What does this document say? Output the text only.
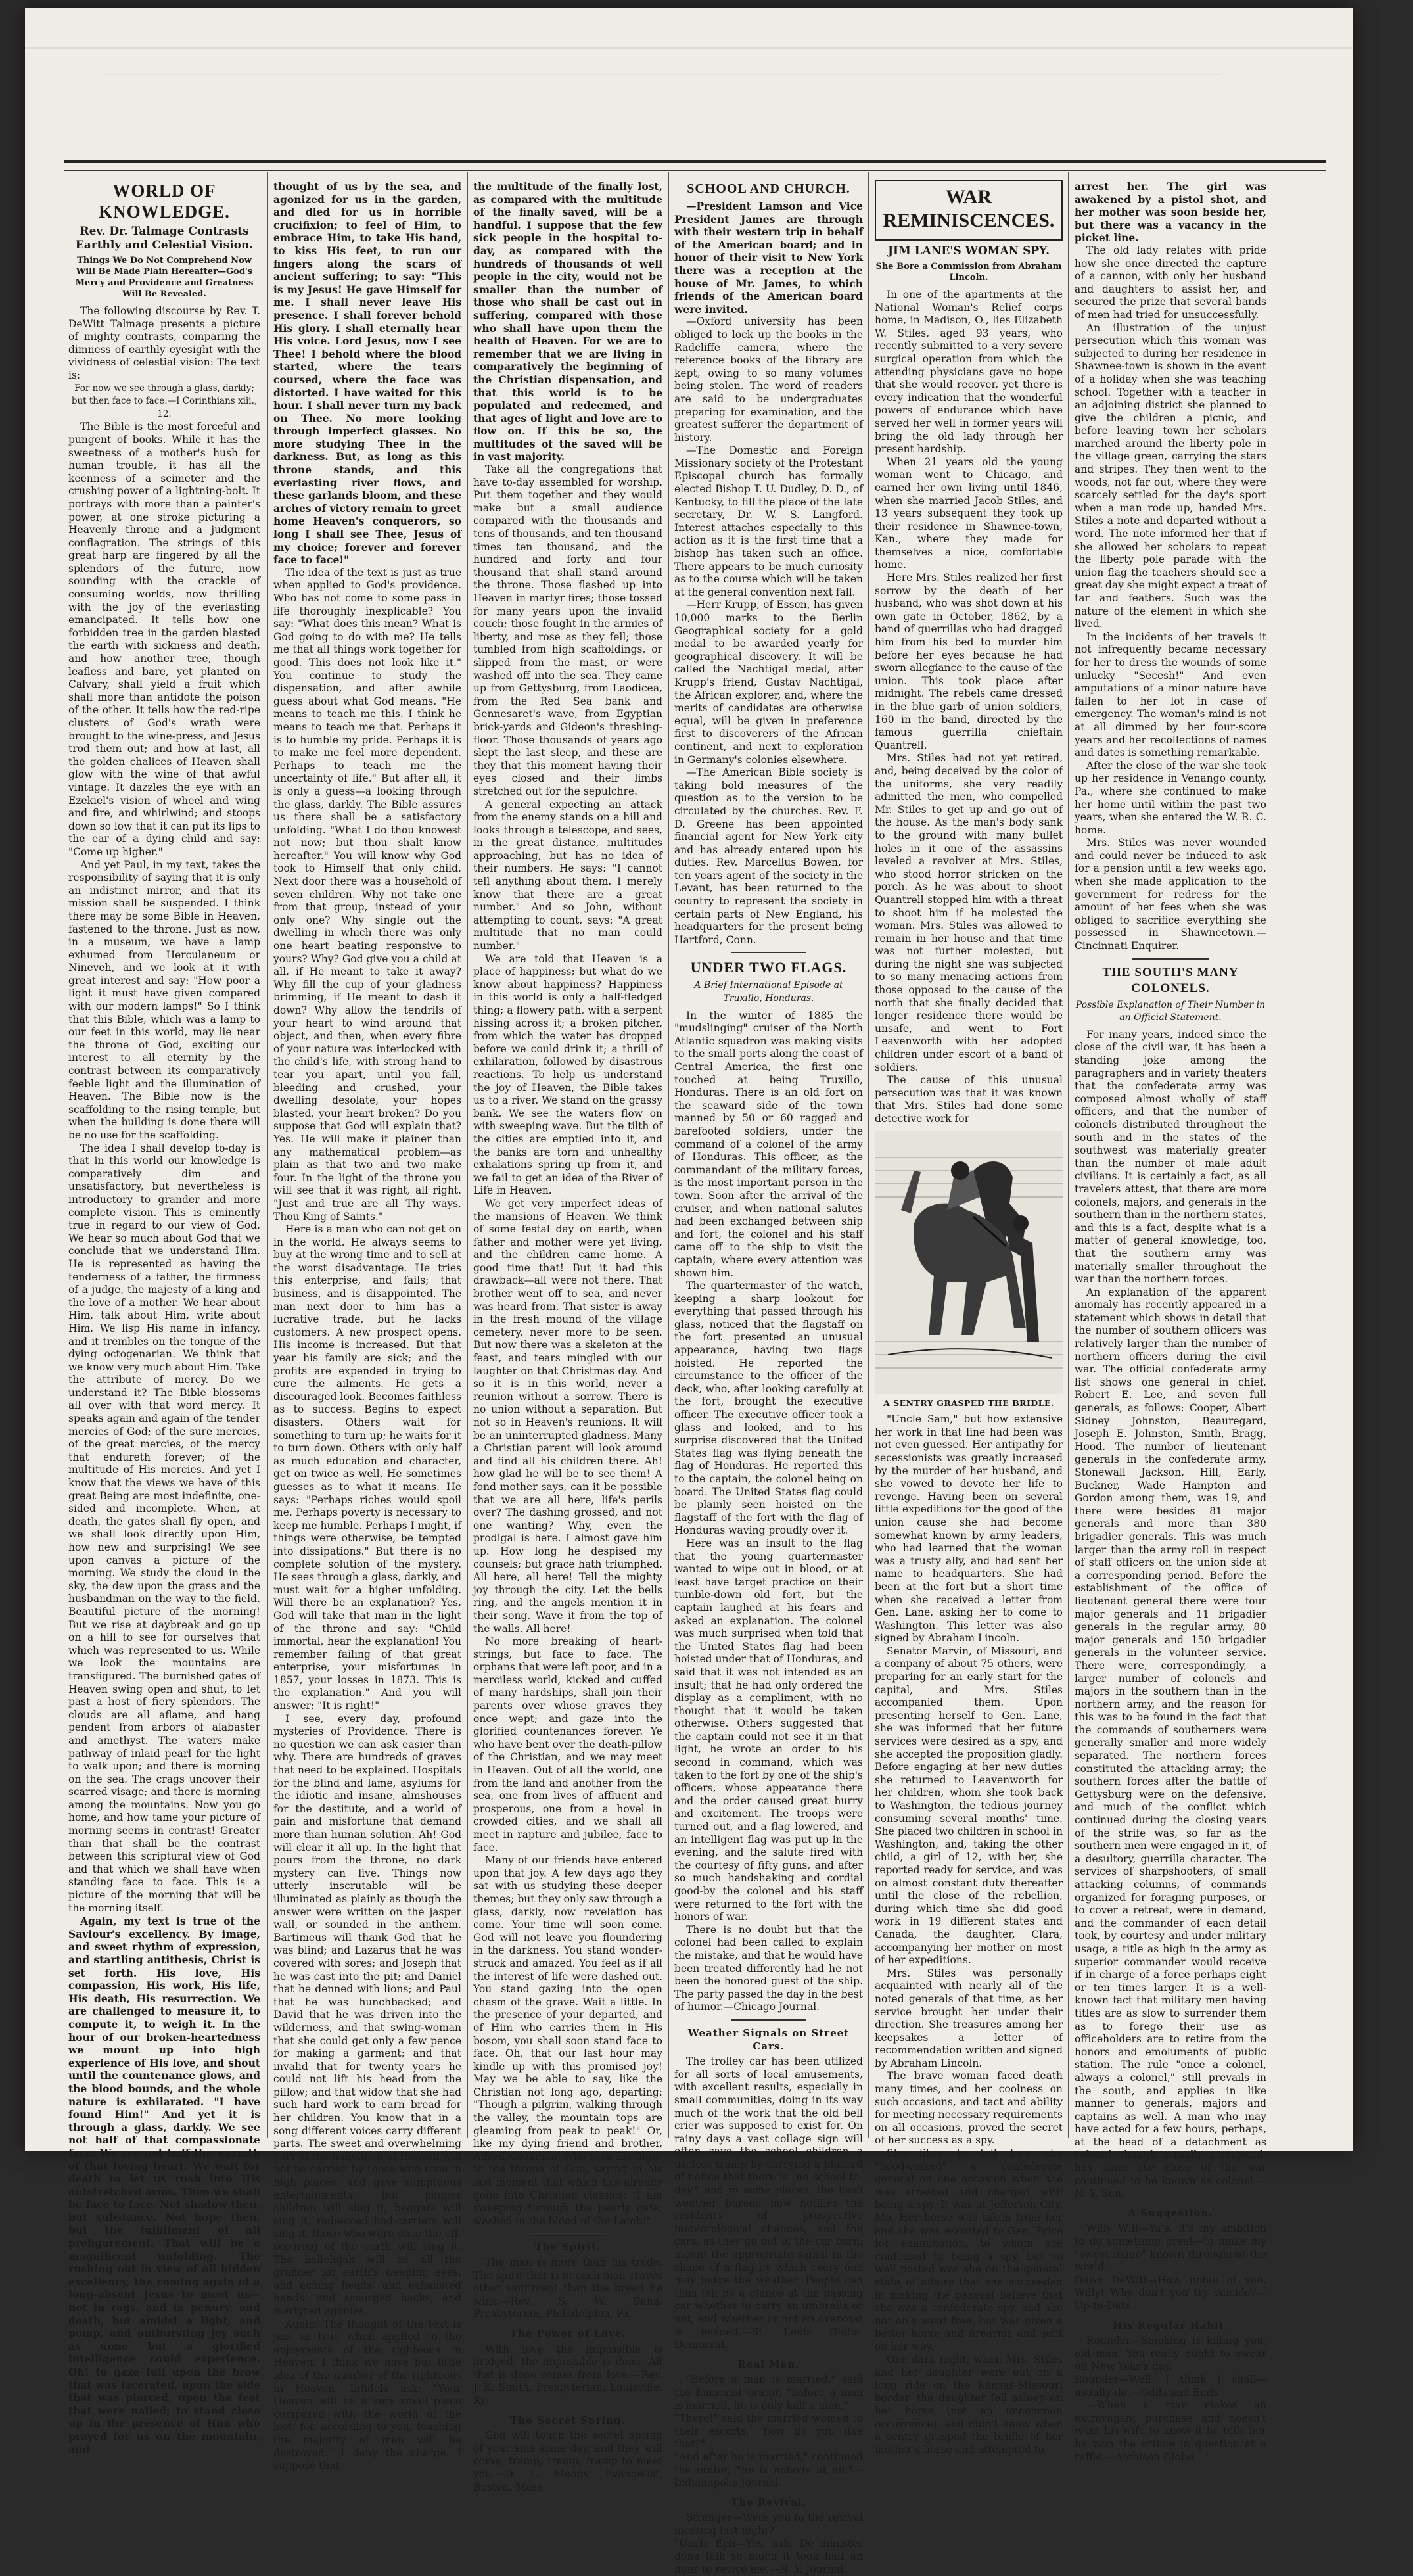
WORLD OF KNOWLEDGE.
Rev. Dr. Talmage Contrasts Earthly and Celestial Vision.
Things We Do Not Comprehend Now Will Be Made Plain Hereafter—God's Mercy and Providence and Greatness Will Be Revealed.

The following discourse by Rev. T. DeWitt Talmage presents a picture of mighty contrasts, comparing the dimness of earthly eyesight with the vividness of celestial vision: The text is:

For now we see through a glass, darkly; but then face to face.—I Corinthians xiii., 12.

The Bible is the most forceful and pungent of books. While it has the sweetness of a mother's hush for human trouble, it has all the keenness of a scimeter and the crushing power of a lightning-bolt. It portrays with more than a painter's power, at one stroke picturing a Heavenly throne and a judgment conflagration. The strings of this great harp are fingered by all the splendors of the future, now sounding with the crackle of consuming worlds, now thrilling with the joy of the everlasting emancipated. It tells how one forbidden tree in the garden blasted the earth with sickness and death, and how another tree, though leafless and bare, yet planted on Calvary, shall yield a fruit which shall more than antidote the poison of the other. It tells how the red-ripe clusters of God's wrath were brought to the wine-press, and Jesus trod them out; and how at last, all the golden chalices of Heaven shall glow with the wine of that awful vintage. It dazzles the eye with an Ezekiel's vision of wheel and wing and fire, and whirlwind; and stoops down so low that it can put its lips to the ear of a dying child and say: "Come up higher."

And yet Paul, in my text, takes the responsibility of saying that it is only an indistinct mirror, and that its mission shall be suspended. I think there may be some Bible in Heaven, fastened to the throne. Just as now, in a museum, we have a lamp exhumed from Herculaneum or Nineveh, and we look at it with great interest and say: "How poor a light it must have given compared with our modern lamps!" So I think that this Bible, which was a lamp to our feet in this world, may lie near the throne of God, exciting our interest to all eternity by the contrast between its comparatively feeble light and the illumination of Heaven. The Bible now is the scaffolding to the rising temple, but when the building is done there will be no use for the scaffolding.

The idea I shall develop to-day is that in this world our knowledge is comparatively dim and unsatisfactory, but nevertheless is introductory to grander and more complete vision. This is eminently true in regard to our view of God. We hear so much about God that we conclude that we understand Him. He is represented as having the tenderness of a father, the firmness of a judge, the majesty of a king and the love of a mother. We hear about Him, talk about Him, write about Him. We lisp His name in infancy, and it trembles on the tongue of the dying octogenarian. We think that we know very much about Him. Take the attribute of mercy. Do we understand it? The Bible blossoms all over with that word mercy. It speaks again and again of the tender mercies of God; of the sure mercies, of the great mercies, of the mercy that endureth forever; of the multitude of His mercies. And yet I know that the views we have of this great Being are most indefinite, one-sided and incomplete. When, at death, the gates shall fly open, and we shall look directly upon Him, how new and surprising! We see upon canvas a picture of the morning. We study the cloud in the sky, the dew upon the grass and the husbandman on the way to the field. Beautiful picture of the morning! But we rise at daybreak and go up on a hill to see for ourselves that which was represented to us. While we look the mountains are transfigured. The burnished gates of Heaven swing open and shut, to let past a host of fiery splendors. The clouds are all aflame, and hang pendent from arbors of alabaster and amethyst. The waters make pathway of inlaid pearl for the light to walk upon; and there is morning on the sea. The crags uncover their scarred visage; and there is morning among the mountains. Now you go home, and how tame your picture of morning seems in contrast! Greater than that shall be the contrast between this scriptural view of God and that which we shall have when standing face to face. This is a picture of the morning that will be the morning itself.

Again, my text is true of the Saviour's excellency. By image, and sweet rhythm of expression, and startling antithesis, Christ is set forth. His love, His compassion, His work, His life, His death, His resurrection. We are challenged to measure it, to compute it, to weigh it. In the hour of our broken-heartedness we mount up into high experience of His love, and shout until the countenance glows, and the blood bounds, and the whole nature is exhilarated. "I have found Him!" And yet it is through a glass, darkly. We see not half of that compassionate face. We see not half the warmth of that loving heart. We wait for death to let us rush into His outstretched arms. Then we shall be face to face. Not shadow then, but substance. Not hope then, but the fulfillment of all prefigurement. That will be a magnificent unfolding. The rushing out in view of all hidden excellency, the coming again of a long-absent Jesus to meet us—not in rags, and in penury, and death, but amidst a light, and pomp, and outbursting joy such as none but a glorified intelligence could experience. Oh! to gaze full upon the brow that was lacerated, upon the side that was pierced, upon the feet that were nailed; to stand close up in the presence of Him who prayed for us on the mountain, and

thought of us by the sea, and agonized for us in the garden, and died for us in horrible crucifixion; to feel of Him, to embrace Him, to take His hand, to kiss His feet, to run our fingers along the scars of ancient suffering; to say: "This is my Jesus! He gave Himself for me. I shall never leave His presence. I shall forever behold His glory. I shall eternally hear His voice. Lord Jesus, now I see Thee! I behold where the blood started, where the tears coursed, where the face was distorted. I have waited for this hour. I shall never turn my back on Thee. No more looking through imperfect glasses. No more studying Thee in the darkness. But, as long as this throne stands, and this everlasting river flows, and these garlands bloom, and these arches of victory remain to greet home Heaven's conquerors, so long I shall see Thee, Jesus of my choice; forever and forever face to face!"

The idea of the text is just as true when applied to God's providence. Who has not come to some pass in life thoroughly inexplicable? You say: "What does this mean? What is God going to do with me? He tells me that all things work together for good. This does not look like it." You continue to study the dispensation, and after awhile guess about what God means. "He means to teach me this. I think he means to teach me that. Perhaps it is to humble my pride. Perhaps it is to make me feel more dependent. Perhaps to teach me the uncertainty of life." But after all, it is only a guess—a looking through the glass, darkly. The Bible assures us there shall be a satisfactory unfolding. "What I do thou knowest not now; but thou shalt know hereafter." You will know why God took to Himself that only child. Next door there was a household of seven children. Why not take one from that group, instead of your only one? Why single out the dwelling in which there was only one heart beating responsive to yours? Why? God give you a child at all, if He meant to take it away? Why fill the cup of your gladness brimming, if He meant to dash it down? Why allow the tendrils of your heart to wind around that object, and then, when every fibre of your nature was interlocked with the child's life, with strong hand to tear you apart, until you fall, bleeding and crushed, your dwelling desolate, your hopes blasted, your heart broken? Do you suppose that God will explain that? Yes. He will make it plainer than any mathematical problem—as plain as that two and two make four. In the light of the throne you will see that it was right, all right. "Just and true are all Thy ways, Thou King of Saints."

Here is a man who can not get on in the world. He always seems to buy at the wrong time and to sell at the worst disadvantage. He tries this enterprise, and fails; that business, and is disappointed. The man next door to him has a lucrative trade, but he lacks customers. A new prospect opens. His income is increased. But that year his family are sick; and the profits are expended in trying to cure the ailments. He gets a discouraged look. Becomes faithless as to success. Begins to expect disasters. Others wait for something to turn up; he waits for it to turn down. Others with only half as much education and character, get on twice as well. He sometimes guesses as to what it means. He says: "Perhaps riches would spoil me. Perhaps poverty is necessary to keep me humble. Perhaps I might, if things were otherwise, be tempted into dissipations." But there is no complete solution of the mystery. He sees through a glass, darkly, and must wait for a higher unfolding. Will there be an explanation? Yes, God will take that man in the light of the throne and say: "Child immortal, hear the explanation! You remember failing of that great enterprise, your misfortunes in 1857, your losses in 1873. This is the explanation." And you will answer: "It is right!"

I see, every day, profound mysteries of Providence. There is no question we can ask easier than why. There are hundreds of graves that need to be explained. Hospitals for the blind and lame, asylums for the idiotic and insane, almshouses for the destitute, and a world of pain and misfortune that demand more than human solution. Ah! God will clear it all up. In the light that pours from the throne, no dark mystery can live. Things now utterly inscrutable will be illuminated as plainly as though the answer were written on the jasper wall, or sounded in the anthem. Bartimeus will thank God that he was blind; and Lazarus that he was covered with sores; and Joseph that he was cast into the pit; and Daniel that he denned with lions; and Paul that he was hunchbacked; and David that he was driven into the wilderness, and that swing-woman that she could get only a few pence for making a garment; and that invalid that for twenty years he could not lift his head from the pillow; and that widow that she had such hard work to earn bread for her children. You know that in a song different voices carry different parts. The sweet and overwhelming part of the hallelujah of Heaven will not be carried by those who rode in high places, and gave sumptuous entertainments, but pauper children will sing it, beggars will sing it, redeemed hod-carriers will sing it, those who were once the off-scouring of the earth will sing it. The hallelujah will be all the grander for earth's weeping eyes, and aching heads, and exhausted hands, and scourged backs, and martyred agonies.

Again: The thought of the text is just as true when applied to the enjoyments of the righteous in Heaven. I think we have but little idea of the number of the righteous in Heaven. Infidels ask: "Your Heaven will be a very small place compared with the world of the lost; for, according to you, teaching the majority of men will be destroyed." I deny the charge. I suppose that

the multitude of the finally lost, as compared with the multitude of the finally saved, will be a handful. I suppose that the few sick people in the hospital to-day, as compared with the hundreds of thousands of well people in the city, would not be smaller than the number of those who shall be cast out in suffering, compared with those who shall have upon them the health of Heaven. For we are to remember that we are living in comparatively the beginning of the Christian dispensation, and that this world is to be populated and redeemed, and that ages of light and love are to flow on. If this be so, the multitudes of the saved will be in vast majority.

Take all the congregations that have to-day assembled for worship. Put them together and they would make but a small audience compared with the thousands and tens of thousands, and ten thousand times ten thousand, and the hundred and forty and four thousand that shall stand around the throne. Those flashed up into Heaven in martyr fires; those tossed for many years upon the invalid couch; those fought in the armies of liberty, and rose as they fell; those tumbled from high scaffoldings, or slipped from the mast, or were washed off into the sea. They came up from Gettysburg, from Laodicea, from the Red Sea bank and Gennesaret's wave, from Egyptian brick-yards and Gideon's threshing-floor. Those thousands of years ago slept the last sleep, and these are they that this moment having their eyes closed and their limbs stretched out for the sepulchre.

A general expecting an attack from the enemy stands on a hill and looks through a telescope, and sees, in the great distance, multitudes approaching, but has no idea of their numbers. He says: "I cannot tell anything about them. I merely know that there are a great number." And so John, without attempting to count, says: "A great multitude that no man could number."

We are told that Heaven is a place of happiness; but what do we know about happiness? Happiness in this world is only a half-fledged thing; a flowery path, with a serpent hissing across it; a broken pitcher, from which the water has dropped before we could drink it; a thrill of exhilaration, followed by disastrous reactions. To help us understand the joy of Heaven, the Bible takes us to a river. We stand on the grassy bank. We see the waters flow on with sweeping wave. But the tilth of the cities are emptied into it, and the banks are torn and unhealthy exhalations spring up from it, and we fail to get an idea of the River of Life in Heaven.

We get very imperfect ideas of the mansions of Heaven. We think of some festal day on earth, when father and mother were yet living, and the children came home. A good time that! But it had this drawback—all were not there. That brother went off to sea, and never was heard from. That sister is away in the fresh mound of the village cemetery, never more to be seen. But now there was a skeleton at the feast, and tears mingled with our laughter on that Christmas day. And so it is in this world, never a reunion without a sorrow. There is no union without a separation. But not so in Heaven's reunions. It will be an uninterrupted gladness. Many a Christian parent will look around and find all his children there. Ah! how glad he will be to see them! A fond mother says, can it be possible that we are all here, life's perils over? The dashing grossed, and not one wanting? Why, even the prodigal is here. I almost gave him up. How long he despised my counsels; but grace hath triumphed. All here, all here! Tell the mighty joy through the city. Let the bells ring, and the angels mention it in their song. Wave it from the top of the walls. All here!

No more breaking of heart-strings, but face to face. The orphans that were left poor, and in a merciless world, kicked and cuffed of many hardships, shall join their parents over whose graves they once wept; and gaze into the glorified countenances forever. Ye who have bent over the death-pillow of the Christian, and we may meet in Heaven. Out of all the world, one from the land and another from the sea, one from lives of affluent and prosperous, one from a hovel in crowded cities, and we shall all meet in rapture and jubilee, face to face.

Many of our friends have entered upon that joy. A few days ago they sat with us studying these deeper themes; but they only saw through a glass, darkly, now revelation has come. Your time will soon come. God will not leave you floundering in the darkness. You stand wonder-struck and amazed. You feel as if all the interest of life were dashed out. You stand gazing into the open chasm of the grave. Wait a little. In the presence of your departed, and of Him who carries them in His bosom, you shall soon stand face to face. Oh, that our last hour may kindle up with this promised joy! May we be able to say, like the Christian not long ago, departing: "Though a pilgrim, walking through the valley, the mountain tops are gleaming from peak to peak!" Or, like my dying friend and brother, Alfred Cookman, who took his flight to the throne of God, saying in his last moment that which has already gone into Christian classics: "I am sweeping through the pearly gate, washed in the blood of the Lamb!"

The Spirit.

The man is more than his trade. The spirit that is in each man craves other sentiment than the bread he wins.—Rev. S. W. Dana, Presbyterian, Philadelphia, Pa.

The Power of Love.

With love the impossible is bridged, the impossible is done. All that is done comes from love.—Rev. J. K. Smith, Presbyterian, Louisville, Ky.

The Secret Spring.

God will touch the secret spring of your sins some day, and they will come, tramp, tramp, tramp to meet you.—D. L. Moody, Evangelist, Boston, Mass.

SCHOOL AND CHURCH.

—President Lamson and Vice President James are through with their western trip in behalf of the American board; and in honor of their visit to New York there was a reception at the house of Mr. James, to which friends of the American board were invited.

—Oxford university has been obliged to lock up the books in the Radcliffe camera, where the reference books of the library are kept, owing to so many volumes being stolen. The word of readers are said to be undergraduates preparing for examination, and the greatest sufferer the department of history.

—The Domestic and Foreign Missionary society of the Protestant Episcopal church has formally elected Bishop T. U. Dudley, D. D., of Kentucky, to fill the place of the late secretary, Dr. W. S. Langford. Interest attaches especially to this action as it is the first time that a bishop has taken such an office. There appears to be much curiosity as to the course which will be taken at the general convention next fall.

—Herr Krupp, of Essen, has given 10,000 marks to the Berlin Geographical society for a gold medal to be awarded yearly for geographical discovery. It will be called the Nachtigal medal, after Krupp's friend, Gustav Nachtigal, the African explorer, and, where the merits of candidates are otherwise equal, will be given in preference first to discoverers of the African continent, and next to exploration in Germany's colonies elsewhere.

—The American Bible society is taking bold measures of the question as to the version to be circulated by the churches. Rev. F. D. Greene has been appointed financial agent for New York city and has already entered upon his duties. Rev. Marcellus Bowen, for ten years agent of the society in the Levant, has been returned to the country to represent the society in certain parts of New England, his headquarters for the present being Hartford, Conn.

UNDER TWO FLAGS.
A Brief International Episode at Truxillo, Honduras.

In the winter of 1885 the "mudslinging" cruiser of the North Atlantic squadron was making visits to the small ports along the coast of Central America, the first one touched at being Truxillo, Honduras. There is an old fort on the seaward side of the town manned by 50 or 60 ragged and barefooted soldiers, under the command of a colonel of the army of Honduras. This officer, as the commandant of the military forces, is the most important person in the town. Soon after the arrival of the cruiser, and when national salutes had been exchanged between ship and fort, the colonel and his staff came off to the ship to visit the captain, where every attention was shown him.

The quartermaster of the watch, keeping a sharp lookout for everything that passed through his glass, noticed that the flagstaff on the fort presented an unusual appearance, having two flags hoisted. He reported the circumstance to the officer of the deck, who, after looking carefully at the fort, brought the executive officer. The executive officer took a glass and looked, and to his surprise discovered that the United States flag was flying beneath the flag of Honduras. He reported this to the captain, the colonel being on board. The United States flag could be plainly seen hoisted on the flagstaff of the fort with the flag of Honduras waving proudly over it.

Here was an insult to the flag that the young quartermaster wanted to wipe out in blood, or at least have target practice on their tumble-down old fort, but the captain laughed at his fears and asked an explanation. The colonel was much surprised when told that the United States flag had been hoisted under that of Honduras, and said that it was not intended as an insult; that he had only ordered the display as a compliment, with no thought that it would be taken otherwise. Others suggested that the captain could not see it in that light, he wrote an order to his second in command, which was taken to the fort by one of the ship's officers, whose appearance there and the order caused great hurry and excitement. The troops were turned out, and a flag lowered, and an intelligent flag was put up in the evening, and the salute fired with the courtesy of fifty guns, and after so much handshaking and cordial good-by the colonel and his staff were returned to the fort with the honors of war.

There is no doubt but that the colonel had been called to explain the mistake, and that he would have been treated differently had he not been the honored guest of the ship. The party passed the day in the best of humor.—Chicago Journal.

Weather Signals on Street Cars.

The trolley car has been utilized for all sorts of local amusements, with excellent results, especially in small communities, doing in its way much of the work that the old bell crier was supposed to exist for. On rainy days a vast collage sign will often save the school children a useless tramp by carrying a placard of notice that there is "no school to-day," and in some places, the local weather bureau now notifies the residents of prospective meteorological changes, and the cars, as they go out of the car barn, mount the appropriate signal in the shape of a flag by which every one may judge the weather. People can thus tell by a glance at the passing car whether to carry an umbrella or not, and whether or not an overcoat is needed.—St. Louis Globe-Democrat.

Real Men.

"Before a man is married," said the humorist orator, "before a man is married, he is only half a man."
"There!" said the married women to their escorts, "how do you like that?"
"And after he is married," continued the orator, "he is nobody at all."—Indianapolis Journal.

The Revival.

Stranger—Were you to the revival meeting last night?
"Uncle Eph—Yes, sah. De minister done talk so much it took half an hour to revive me.—N. Y. Journal.

WAR REMINISCENCES.
JIM LANE'S WOMAN SPY.
She Bore a Commission from Abraham Lincoln.

In one of the apartments at the National Woman's Relief corps home, in Madison, O., lies Elizabeth W. Stiles, aged 93 years, who recently submitted to a very severe surgical operation from which the attending physicians gave no hope that she would recover, yet there is every indication that the wonderful powers of endurance which have served her well in former years will bring the old lady through her present hardship.

When 21 years old the young woman went to Chicago, and earned her own living until 1846, when she married Jacob Stiles, and 13 years subsequent they took up their residence in Shawnee-town, Kan., where they made for themselves a nice, comfortable home.

Here Mrs. Stiles realized her first sorrow by the death of her husband, who was shot down at his own gate in October, 1862, by a band of guerrillas who had dragged him from his bed to murder him before her eyes because he had sworn allegiance to the cause of the union. This took place after midnight. The rebels came dressed in the blue garb of union soldiers, 160 in the band, directed by the famous guerrilla chieftain Quantrell.

Mrs. Stiles had not yet retired, and, being deceived by the color of the uniforms, she very readily admitted the men, who compelled Mr. Stiles to get up and go out of the house. As the man's body sank to the ground with many bullet holes in it one of the assassins leveled a revolver at Mrs. Stiles, who stood horror stricken on the porch. As he was about to shoot Quantrell stopped him with a threat to shoot him if he molested the woman. Mrs. Stiles was allowed to remain in her house and that time was not further molested, but during the night she was subjected to so many menacing actions from those opposed to the cause of the north that she finally decided that longer residence there would be unsafe, and went to Fort Leavenworth with her adopted children under escort of a band of soldiers.

The cause of this unusual persecution was that it was known that Mrs. Stiles had done some detective work for

A SENTRY GRASPED THE BRIDLE.

"Uncle Sam," but how extensive her work in that line had been was not even guessed. Her antipathy for secessionists was greatly increased by the murder of her husband, and she vowed to devote her life to revenge. Having been on several little expeditions for the good of the union cause she had become somewhat known by army leaders, who had learned that the woman was a trusty ally, and had sent her name to headquarters. She had been at the fort but a short time when she received a letter from Gen. Lane, asking her to come to Washington. This letter was also signed by Abraham Lincoln.

Senator Marvin, of Missouri, and a company of about 75 others, were preparing for an early start for the capital, and Mrs. Stiles accompanied them. Upon presenting herself to Gen. Lane, she was informed that her future services were desired as a spy, and she accepted the proposition gladly. Before engaging at her new duties she returned to Leavenworth for her children, whom she took back to Washington, the tedious journey consuming several months' time. She placed two children in school in Washington, and, taking the other child, a girl of 12, with her, she reported ready for service, and was on almost constant duty thereafter until the close of the rebellion, during which time she did good work in 19 different states and Canada, the daughter, Clara, accompanying her mother on most of her expeditions.

Mrs. Stiles was personally acquainted with nearly all of the noted generals of that time, as her service brought her under their direction. She treasures among her keepsakes a letter of recommendation written and signed by Abraham Lincoln.

The brave woman faced death many times, and her coolness on such occasions, and tact and ability for meeting necessary requirements on all occasions, proved the secret of her success as a spy.

She likes to tell how she "hoodwinked" a confederate general on one occasion when she was arrested and charged with being a spy. It was at Jefferson City, Mo. Her horse was taken from her and she was escorted to Gen. Price for examination, to whom she confessed to being a spy, but so well posted was she on the general state of affairs that she succeeded in making the general believe that she was a confederate spy, and she not only went free, but was given a better horse and firearms and sent on her way.

One dark night, when Mrs. Stiles and her daughter were out on a long ride on the Kansas-Missouri border, the daughter fell asleep on her horse (not an uncommon occurrence), and didn't know when a sentry grasped the bridle of her mother's horse and attempted to

arrest her. The girl was awakened by a pistol shot, and her mother was soon beside her, but there was a vacancy in the picket line.

The old lady relates with pride how she once directed the capture of a cannon, with only her husband and daughters to assist her, and secured the prize that several bands of men had tried for unsuccessfully.

An illustration of the unjust persecution which this woman was subjected to during her residence in Shawnee-town is shown in the event of a holiday when she was teaching school. Together with a teacher in an adjoining district she planned to give the children a picnic, and before leaving town her scholars marched around the liberty pole in the village green, carrying the stars and stripes. They then went to the woods, not far out, where they were scarcely settled for the day's sport when a man rode up, handed Mrs. Stiles a note and departed without a word. The note informed her that if she allowed her scholars to repeat the liberty pole parade with the union flag the teachers should see a great day she might expect a treat of tar and feathers. Such was the nature of the element in which she lived.

In the incidents of her travels it not infrequently became necessary for her to dress the wounds of some unlucky "Secesh!" And even amputations of a minor nature have fallen to her lot in case of emergency. The woman's mind is not at all dimmed by her four-score years and her recollections of names and dates is something remarkable.

After the close of the war she took up her residence in Venango county, Pa., where she continued to make her home until within the past two years, when she entered the W. R. C. home.

Mrs. Stiles was never wounded and could never be induced to ask for a pension until a few weeks ago, when she made application to the government for redress for the amount of her fees when she was obliged to sacrifice everything she possessed in Shawneetown.—Cincinnati Enquirer.

THE SOUTH'S MANY COLONELS.
Possible Explanation of Their Number in an Official Statement.

For many years, indeed since the close of the civil war, it has been a standing joke among the paragraphers and in variety theaters that the confederate army was composed almost wholly of staff officers, and that the number of colonels distributed throughout the south and in the states of the southwest was materially greater than the number of male adult civilians. It is certainly a fact, as all travelers attest, that there are more colonels, majors, and generals in the southern than in the northern states, and this is a fact, despite what is a matter of general knowledge, too, that the southern army was materially smaller throughout the war than the northern forces.

An explanation of the apparent anomaly has recently appeared in a statement which shows in detail that the number of southern officers was relatively larger than the number of northern officers during the civil war. The official confederate army list shows one general in chief, Robert E. Lee, and seven full generals, as follows: Cooper, Albert Sidney Johnston, Beauregard, Joseph E. Johnston, Smith, Bragg, Hood. The number of lieutenant generals in the confederate army, Stonewall Jackson, Hill, Early, Buckner, Wade Hampton and Gordon among them, was 19, and there were besides 81 major generals and more than 380 brigadier generals. This was much larger than the army roll in respect of staff officers on the union side at a corresponding period. Before the establishment of the office of lieutenant general there were four major generals and 11 brigadier generals in the regular army, 80 major generals and 150 brigadier generals in the volunteer service. There were, correspondingly, a larger number of colonels and majors in the southern than in the northern army, and the reason for this was to be found in the fact that the commands of southerners were generally smaller and more widely separated. The northern forces constituted the attacking army; the southern forces after the battle of Gettysburg were on the defensive, and much of the conflict which continued during the closing years of the strife was, so far as the southern men were engaged in it, of a desultory, guerrilla character. The services of sharpshooters, of small attacking columns, of commands organized for foraging purposes, or to cover a retreat, were in demand, and the commander of each detail took, by courtesy and under military usage, a title as high in the army as superior commander would receive if in charge of a force perhaps eight or ten times larger. It is a well-known fact that military men having titles are as slow to surrender them as to forego their use as officeholders are to retire from the honors and emoluments of public station. The rule "once a colonel, always a colonel," still prevails in the south, and applies in like manner to generals, majors and captains as well. A man who may have acted for a few hours, perhaps, at the head of a detachment as colonel, though actually a corporal, has since the close of the war continued to be known as colonel.—N. Y. Sun.

A Suggestion.

Willy Wilt—Ya's, it's my ambition to do something great—to make my "sweet name" known throughout the world.
Daisy DeWitt—How noble of you, Willy! Why don't you try suicide?—Up-to-Date.

His Regular Habit.

Rounder—Smoking is killing you, old man. You really ought to swear off New Year's day.
Rounder—Well, I think I shall—usually do.—Odds and Ends.

—When a man makes an extravagant purchase and doesn't want his wife to know it he tells her he won the article in question at a raffle.—Atchison Globe.
